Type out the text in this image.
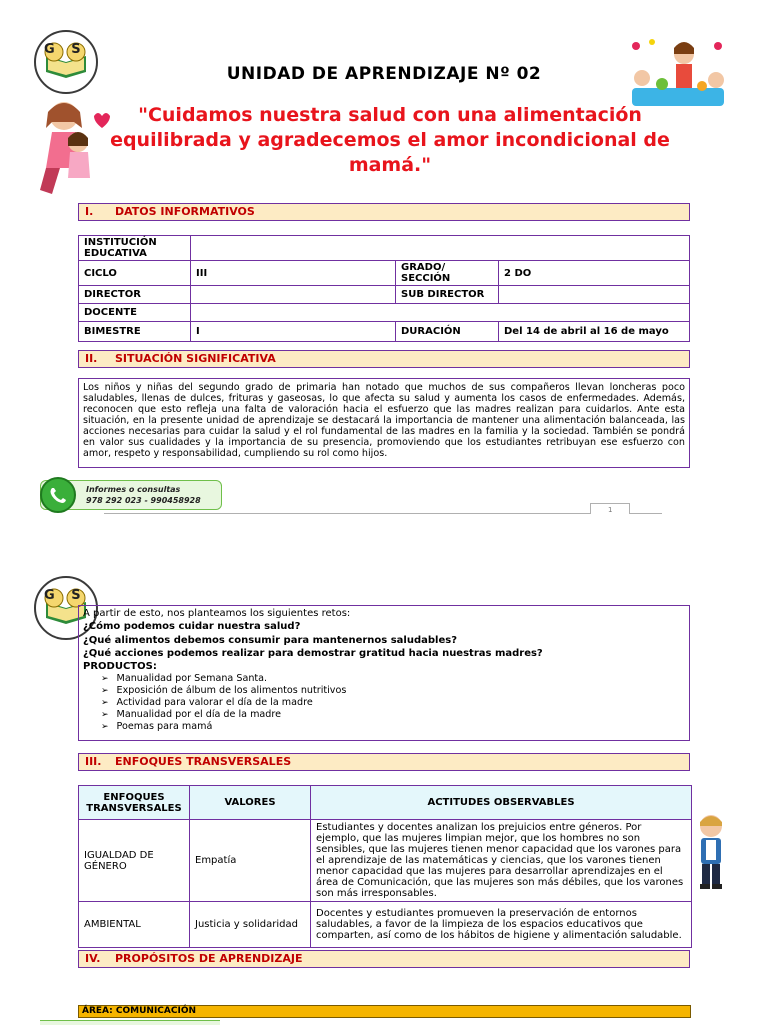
G S
UNIDAD DE APRENDIZAJE Nº 02
"Cuidamos nuestra salud con una alimentación
equilibrada y agradecemos el amor incondicional de
mamá."
I. DATOS INFORMATIVOS
INSTITUCIÓN EDUCATIVA			
CICLO	III	GRADO/ SECCIÓN	2 DO
DIRECTOR		SUB DIRECTOR	
DOCENTE			
BIMESTRE	I	DURACIÓN	Del 14 de abril al 16 de mayo
II. SITUACIÓN SIGNIFICATIVA
Los niños y niñas del segundo grado de primaria han notado que muchos de sus compañeros llevan loncheras poco saludables, llenas de dulces, frituras y gaseosas, lo que afecta su salud y aumenta los casos de enfermedades. Además, reconocen que esto refleja una falta de valoración hacia el esfuerzo que las madres realizan para cuidarlos. Ante esta situación, en la presente unidad de aprendizaje se destacará la importancia de mantener una alimentación balanceada, las acciones necesarias para cuidar la salud y el rol fundamental de las madres en la familia y la sociedad. También se pondrá en valor sus cualidades y la importancia de su presencia, promoviendo que los estudiantes retribuyan ese esfuerzo con amor, respeto y responsabilidad, cumpliendo su rol como hijos.
Informes o consultas
978 292 023 - 990458928
1
G S
A partir de esto, nos planteamos los siguientes retos:
¿Cómo podemos cuidar nuestra salud?
¿Qué alimentos debemos consumir para mantenernos saludables?
¿Qué acciones podemos realizar para demostrar gratitud hacia nuestras madres?
PRODUCTOS:
➢ Manualidad por Semana Santa.
➢ Exposición de álbum de los alimentos nutritivos
➢ Actividad para valorar el día de la madre
➢ Manualidad por el día de la madre
➢ Poemas para mamá
III. ENFOQUES TRANSVERSALES
ENFOQUES TRANSVERSALES	VALORES	ACTITUDES OBSERVABLES
IGUALDAD DE GÉNERO	Empatía	Estudiantes y docentes analizan los prejuicios entre géneros. Por ejemplo, que las mujeres limpian mejor, que los hombres no son sensibles, que las mujeres tienen menor capacidad que los varones para el aprendizaje de las matemáticas y ciencias, que los varones tienen menor capacidad que las mujeres para desarrollar aprendizajes en el área de Comunicación, que las mujeres son más débiles, que los varones son más irresponsables.
AMBIENTAL	Justicia y solidaridad	Docentes y estudiantes promueven la preservación de entornos saludables, a favor de la limpieza de los espacios educativos que comparten, así como de los hábitos de higiene y alimentación saludable.
IV. PROPÓSITOS DE APRENDIZAJE
ÁREA: COMUNICACIÓN
